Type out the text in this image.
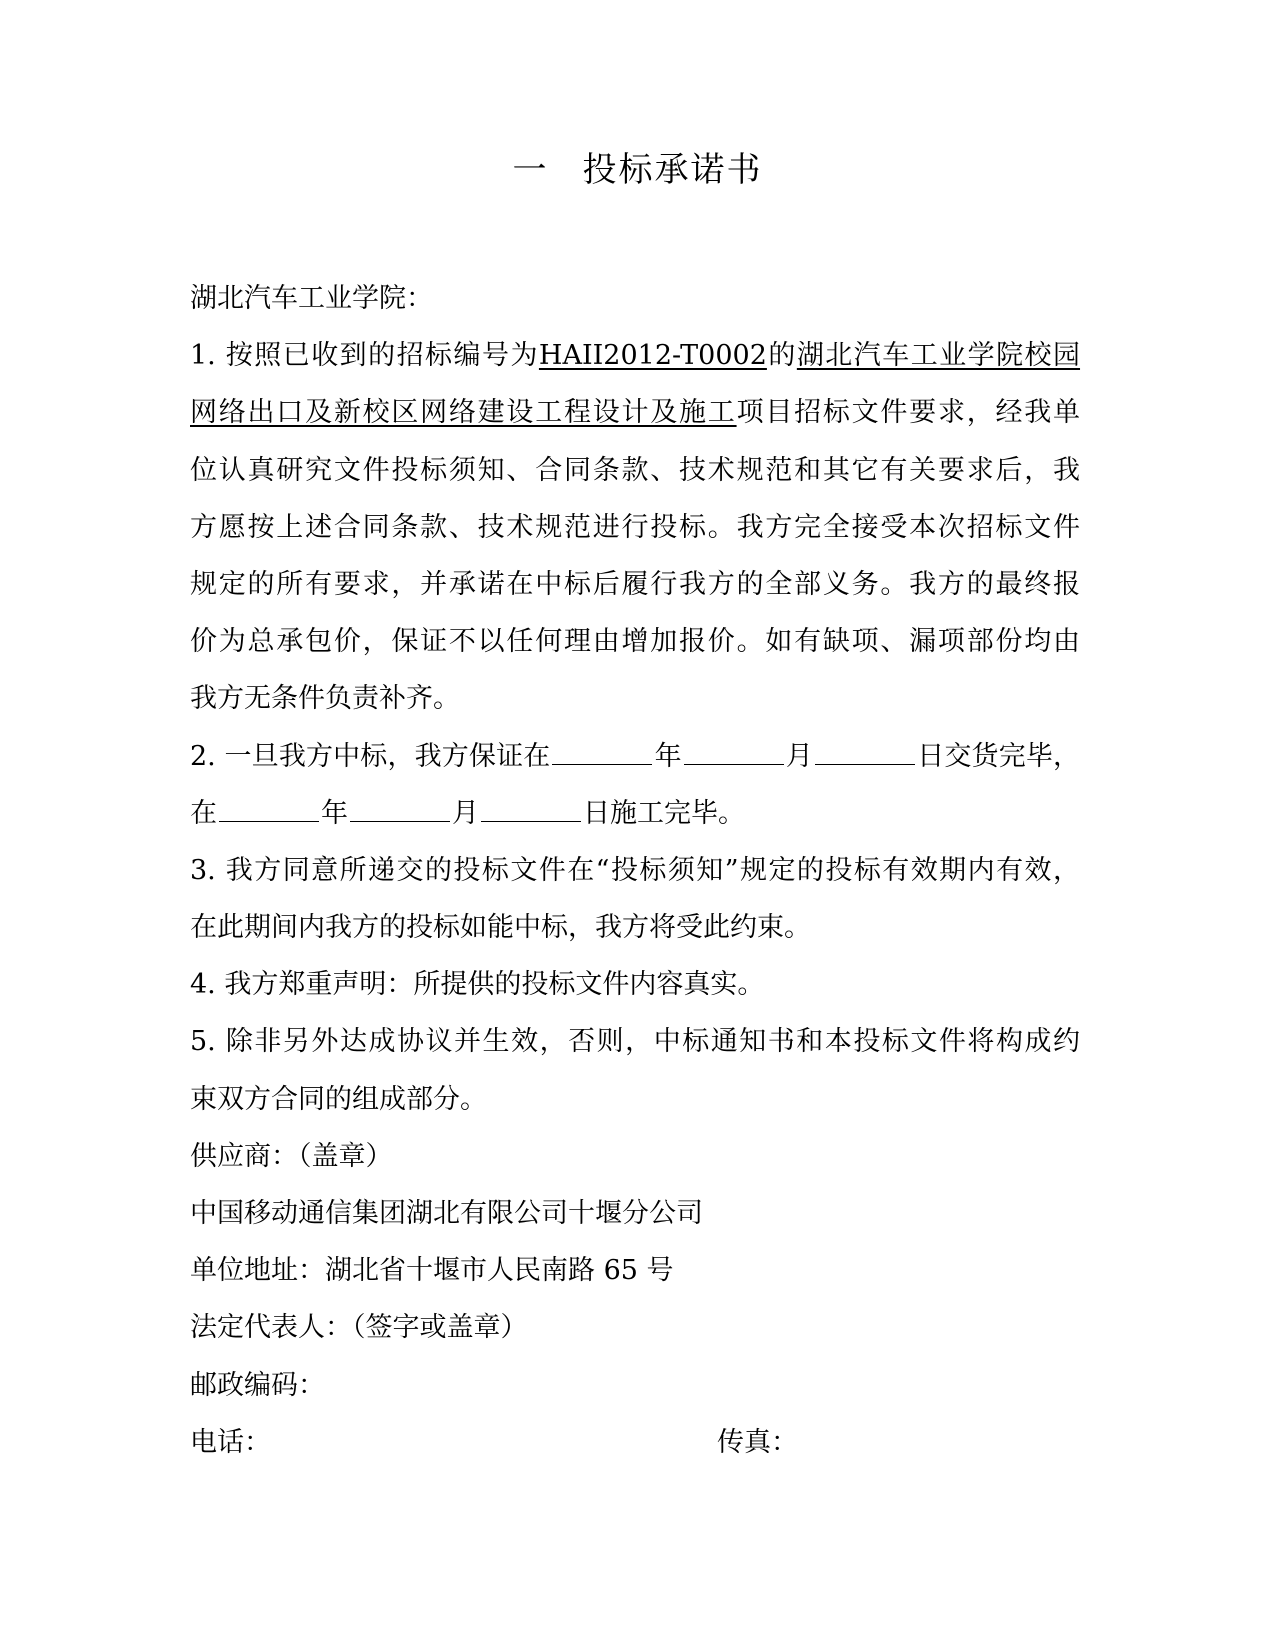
一 投标承诺书
湖北汽车工业学院：
1. 按照已收到的招标编号为HAII2012-T0002的湖北汽车工业学院校园
网络出口及新校区网络建设工程设计及施工项目招标文件要求，经我单
位认真研究文件投标须知、合同条款、技术规范和其它有关要求后，我
方愿按上述合同条款、技术规范进行投标。我方完全接受本次招标文件
规定的所有要求，并承诺在中标后履行我方的全部义务。我方的最终报
价为总承包价，保证不以任何理由增加报价。如有缺项、漏项部份均由
我方无条件负责补齐。
2. 一旦我方中标，我方保证在	年	月	日交货完毕，
在	年	月	日施工完毕。
3. 我方同意所递交的投标文件在“投标须知”规定的投标有效期内有效，
在此期间内我方的投标如能中标，我方将受此约束。
4. 我方郑重声明：所提供的投标文件内容真实。
5. 除非另外达成协议并生效，否则，中标通知书和本投标文件将构成约
束双方合同的组成部分。
供应商：（盖章）
中国移动通信集团湖北有限公司十堰分公司
单位地址：湖北省十堰市人民南路 65 号
法定代表人：（签字或盖章）
邮政编码：
电话：	传真：
